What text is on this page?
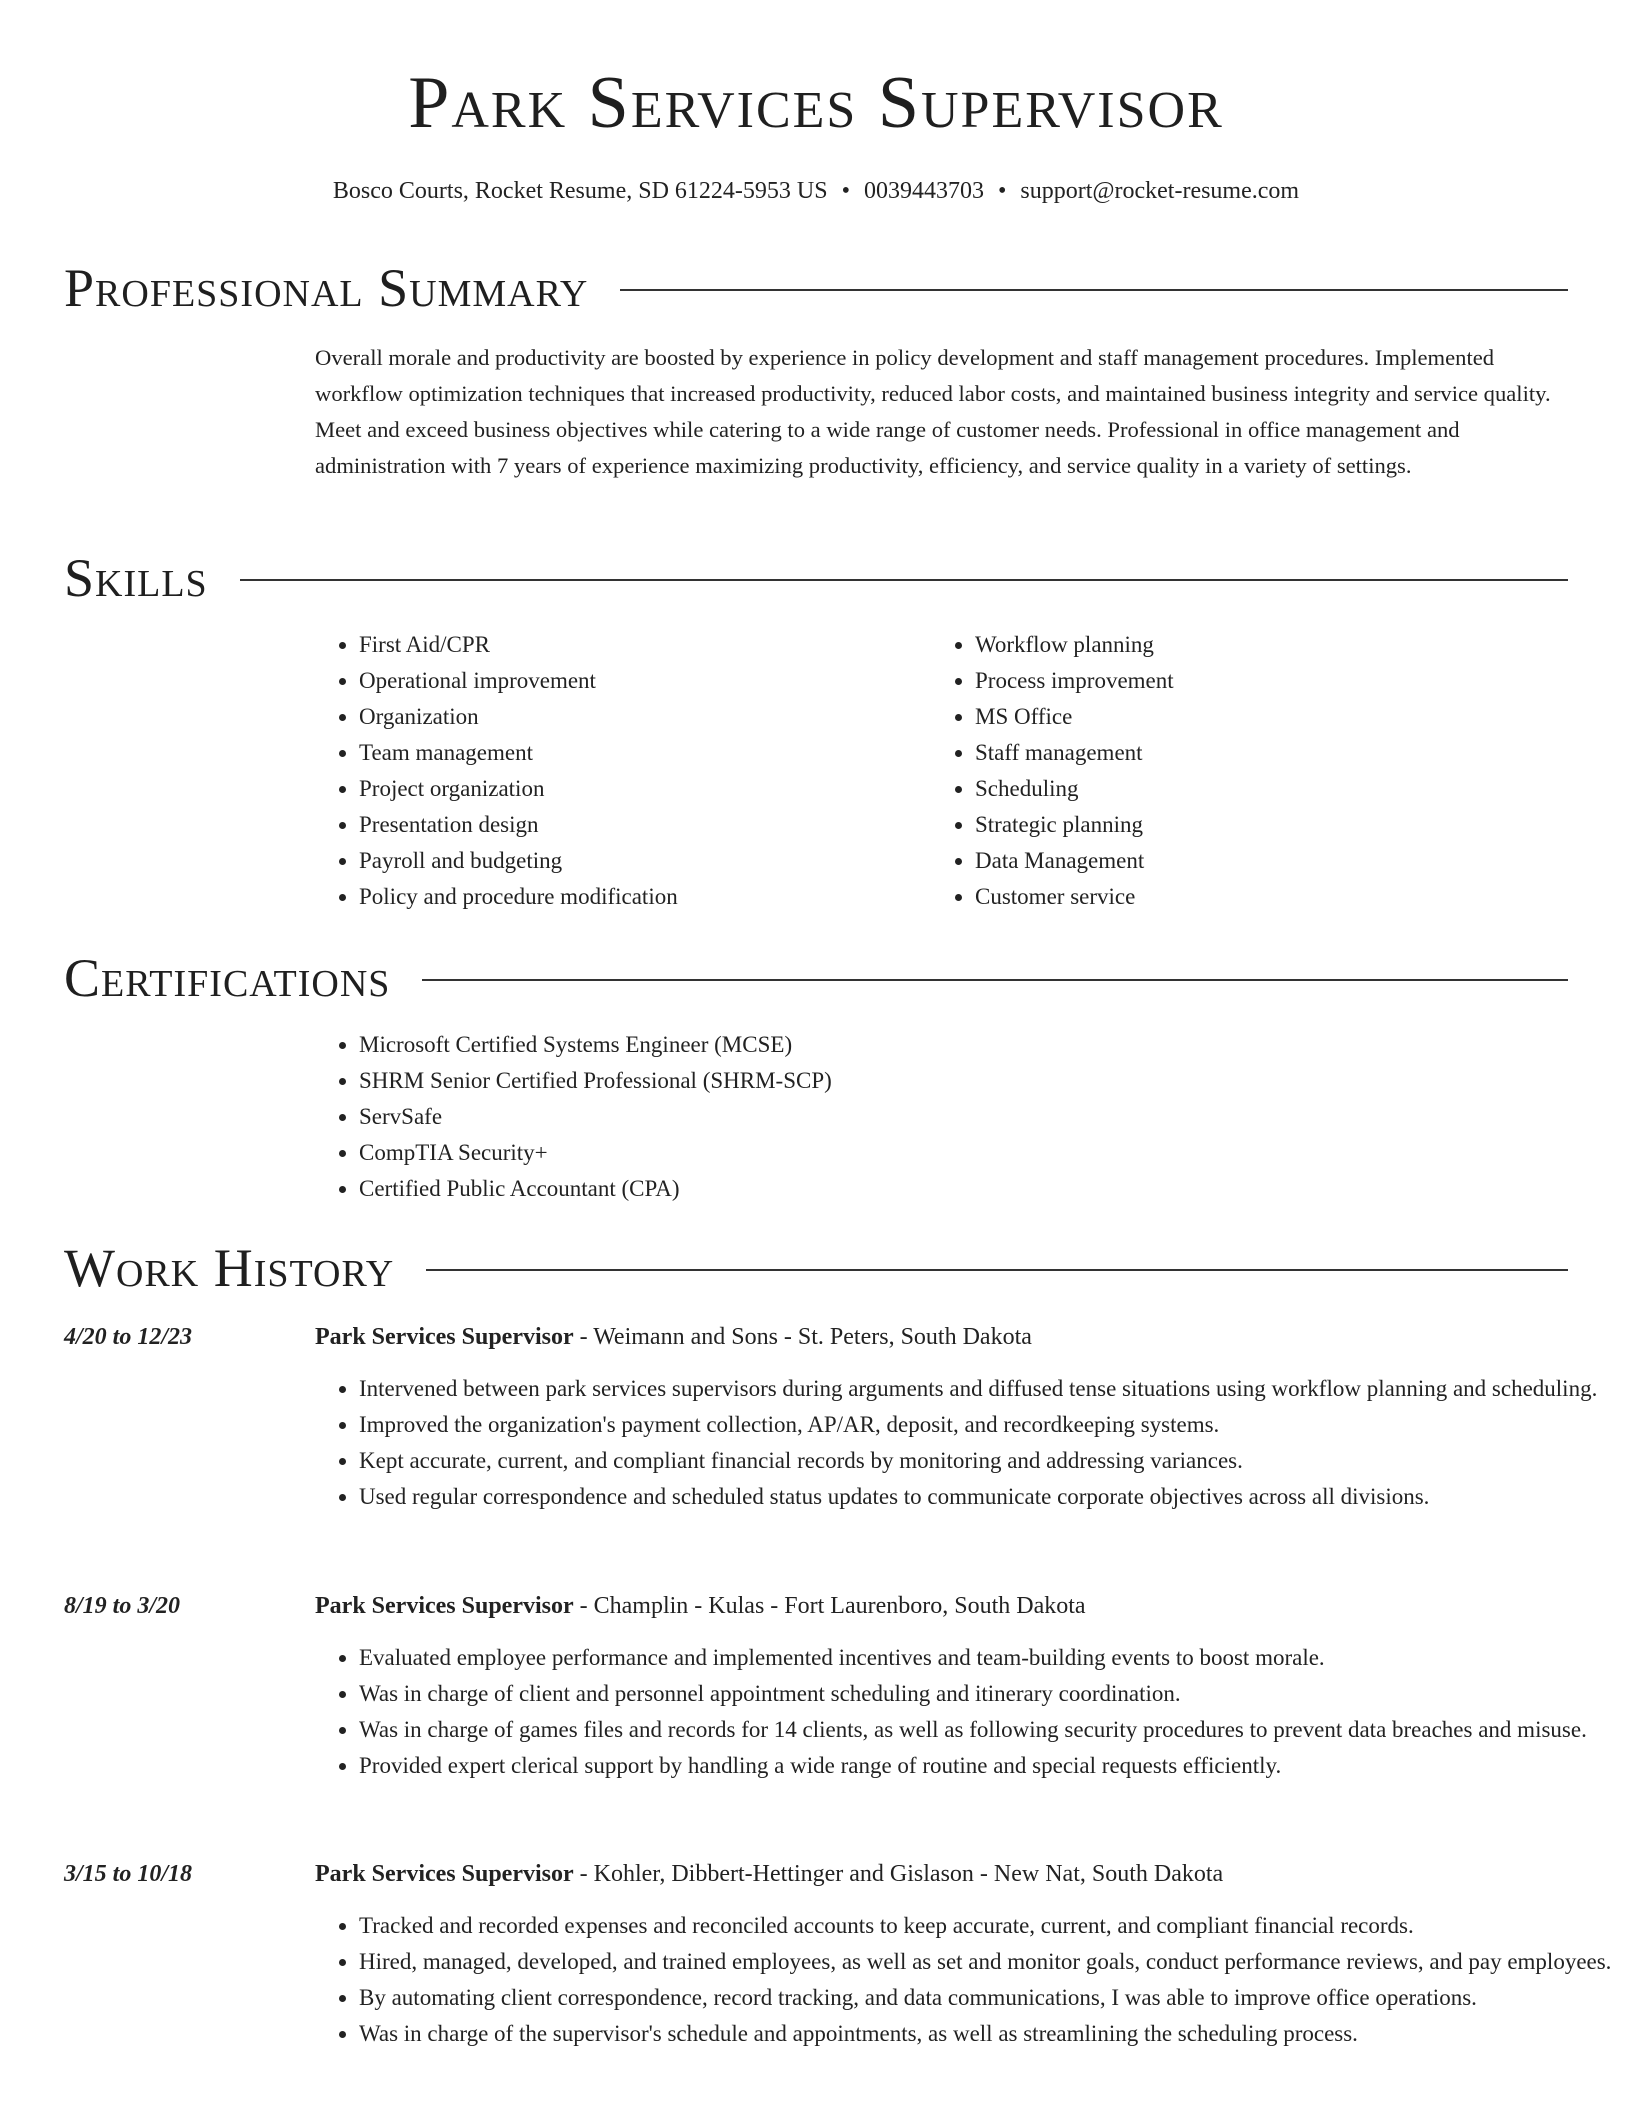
Park Services Supervisor
Bosco Courts, Rocket Resume, SD 61224-5953 US • 0039443703 • support@rocket-resume.com
Professional Summary

Overall morale and productivity are boosted by experience in policy development and staff management procedures. Implemented workflow optimization techniques that increased productivity, reduced labor costs, and maintained business integrity and service quality. Meet and exceed business objectives while catering to a wide range of customer needs. Professional in office management and administration with 7 years of experience maximizing productivity, efficiency, and service quality in a variety of settings.

Skills
• First Aid/CPR
• Operational improvement
• Organization
• Team management
• Project organization
• Presentation design
• Payroll and budgeting
• Policy and procedure modification
• Workflow planning
• Process improvement
• MS Office
• Staff management
• Scheduling
• Strategic planning
• Data Management
• Customer service
Certifications
• Microsoft Certified Systems Engineer (MCSE)
• SHRM Senior Certified Professional (SHRM-SCP)
• ServSafe
• CompTIA Security+
• Certified Public Accountant (CPA)
Work History
4/20 to 12/23	Park Services Supervisor - Weimann and Sons - St. Peters, South Dakota
• Intervened between park services supervisors during arguments and diffused tense situations using workflow planning and scheduling.
• Improved the organization's payment collection, AP/AR, deposit, and recordkeeping systems.
• Kept accurate, current, and compliant financial records by monitoring and addressing variances.
• Used regular correspondence and scheduled status updates to communicate corporate objectives across all divisions.
8/19 to 3/20	Park Services Supervisor - Champlin - Kulas - Fort Laurenboro, South Dakota
• Evaluated employee performance and implemented incentives and team-building events to boost morale.
• Was in charge of client and personnel appointment scheduling and itinerary coordination.
• Was in charge of games files and records for 14 clients, as well as following security procedures to prevent data breaches and misuse.
• Provided expert clerical support by handling a wide range of routine and special requests efficiently.
3/15 to 10/18	Park Services Supervisor - Kohler, Dibbert-Hettinger and Gislason - New Nat, South Dakota
• Tracked and recorded expenses and reconciled accounts to keep accurate, current, and compliant financial records.
• Hired, managed, developed, and trained employees, as well as set and monitor goals, conduct performance reviews, and pay employees.
• By automating client correspondence, record tracking, and data communications, I was able to improve office operations.
• Was in charge of the supervisor's schedule and appointments, as well as streamlining the scheduling process.
